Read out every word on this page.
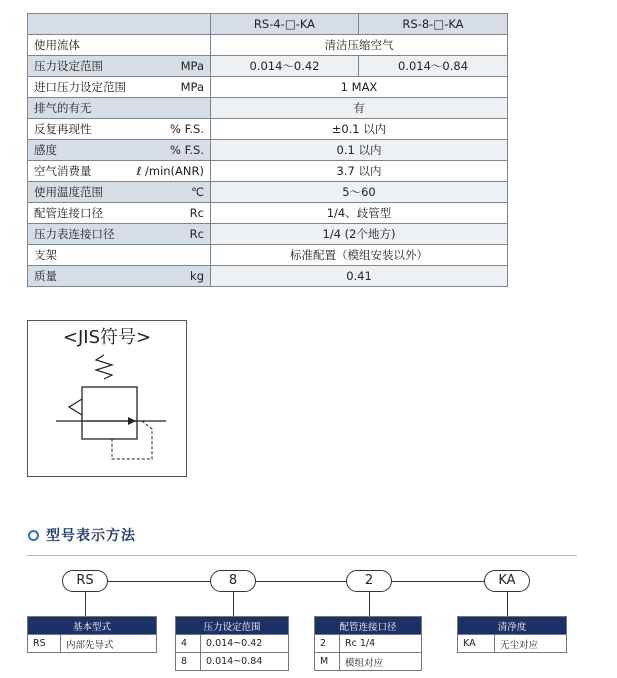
	RS-4-□-KA	RS-8-□-KA

使用流体	清洁压缩空气	

压力设定范围 MPa	0.014～0.42	0.014～0.84

进口压力设定范围 MPa	1 MAX	

排气的有无	有	

反复再现性 % F.S.	±0.1 以内	

感度 % F.S.	0.1 以内	

空气消费量 ℓ /min(ANR)	3.7 以内	

使用温度范围 ℃	5～60	

配管连接口径 Rc	1/4、歧管型	

压力表连接口径 Rc	1/4 (2个地方)	

支架	标准配置（模组安装以外）	

质量 kg	0.41	
<JIS符号>
型号表示方法
RS	8	2	KA
基本型式
RS	内部先导式
压力设定范围	
4	0.014~0.42
8	0.014~0.84
配管连接口径	
2	Rc 1/4
M	模组对应
清净度
KA	无尘对应
